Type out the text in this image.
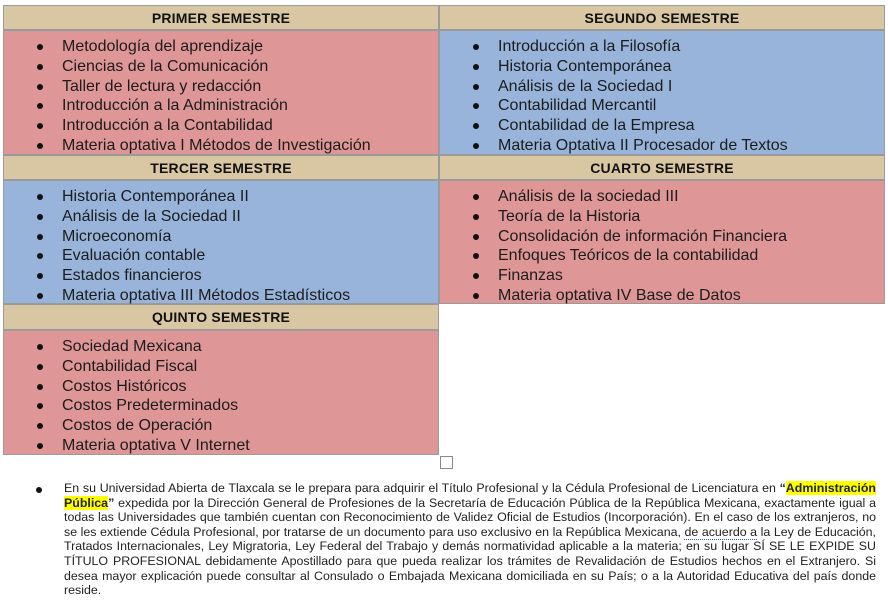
PRIMER SEMESTRE	SEGUNDO SEMESTRE
Metodología del aprendizaje
Ciencias de la Comunicación
Taller de lectura y redacción
Introducción a la Administración
Introducción a la Contabilidad
Materia optativa I Métodos de Investigación
Introducción a la Filosofía
Historia Contemporánea
Análisis de la Sociedad I
Contabilidad Mercantil
Contabilidad de la Empresa
Materia Optativa II Procesador de Textos
TERCER SEMESTRE	CUARTO SEMESTRE
Historia Contemporánea II
Análisis de la Sociedad II
Microeconomía
Evaluación contable
Estados financieros
Materia optativa III Métodos Estadísticos
Análisis de la sociedad III
Teoría de la Historia
Consolidación de información Financiera
Enfoques Teóricos de la contabilidad
Finanzas
Materia optativa IV Base de Datos
QUINTO SEMESTRE
Sociedad Mexicana
Contabilidad Fiscal
Costos Históricos
Costos Predeterminados
Costos de Operación
Materia optativa V Internet
En su Universidad Abierta de Tlaxcala se le prepara para adquirir el Título Profesional y la Cédula Profesional de Licenciatura en “Administración Pública” expedida por la Dirección General de Profesiones de la Secretaría de Educación Pública de la República Mexicana, exactamente igual a todas las Universidades que también cuentan con Reconocimiento de Validez Oficial de Estudios (Incorporación). En el caso de los extranjeros, no se les extiende Cédula Profesional, por tratarse de un documento para uso exclusivo en la República Mexicana, de acuerdo a la Ley de Educación, Tratados Internacionales, Ley Migratoria, Ley Federal del Trabajo y demás normatividad aplicable a la materia; en su lugar SÍ SE LE EXPIDE SU TÍTULO PROFESIONAL debidamente Apostillado para que pueda realizar los trámites de Revalidación de Estudios hechos en el Extranjero. Si desea mayor explicación puede consultar al Consulado o Embajada Mexicana domiciliada en su País; o a la Autoridad Educativa del país donde reside.
